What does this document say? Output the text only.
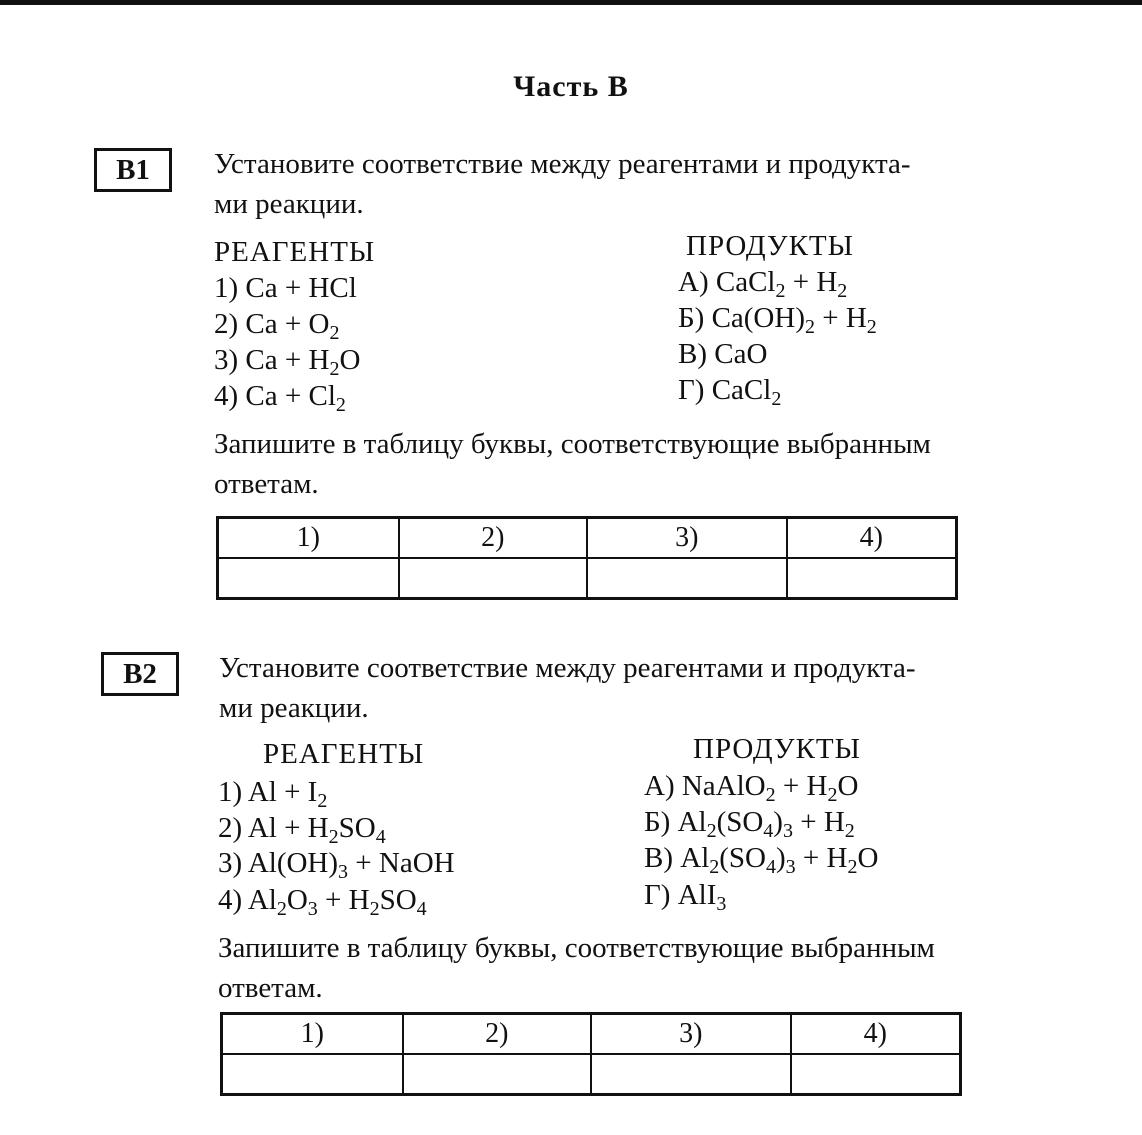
Часть В
В1	Установите соответствие между реагентами и продукта-
ми реакции.
РЕАГЕНТЫ	ПРОДУКТЫ
1) Ca + HCl
2) $Ca + O_2$
3) $Ca + H_2O$
4) $Ca + Cl_2$
А) CaCl$_2$ + $H_2$
Б) $Ca(OH)_2 + H_2$
В) CaO
Г) CaCl$_2$
Запишите в таблицу буквы, соответствующие выбранным
ответам.
1)	2)	3)	4)

В2	Установите соответствие между реагентами и продукта-
ми реакции.
РЕАГЕНТЫ	ПРОДУКТЫ
1) $Al + I_2$
2) $Al + H_2SO_4$
3) $Al(OH)_3$ + NaOH
4) $Al_2O_3 + H_2SO_4$
А) NaAlO$_2$ + $H_2O$
Б) $Al_2(SO_4)_3 + H_2$
В) $Al_2(SO_4)_3 + H_2O$
Г) AlI$_3$
Запишите в таблицу буквы, соответствующие выбранным
ответам.
1)	2)	3)	4)
